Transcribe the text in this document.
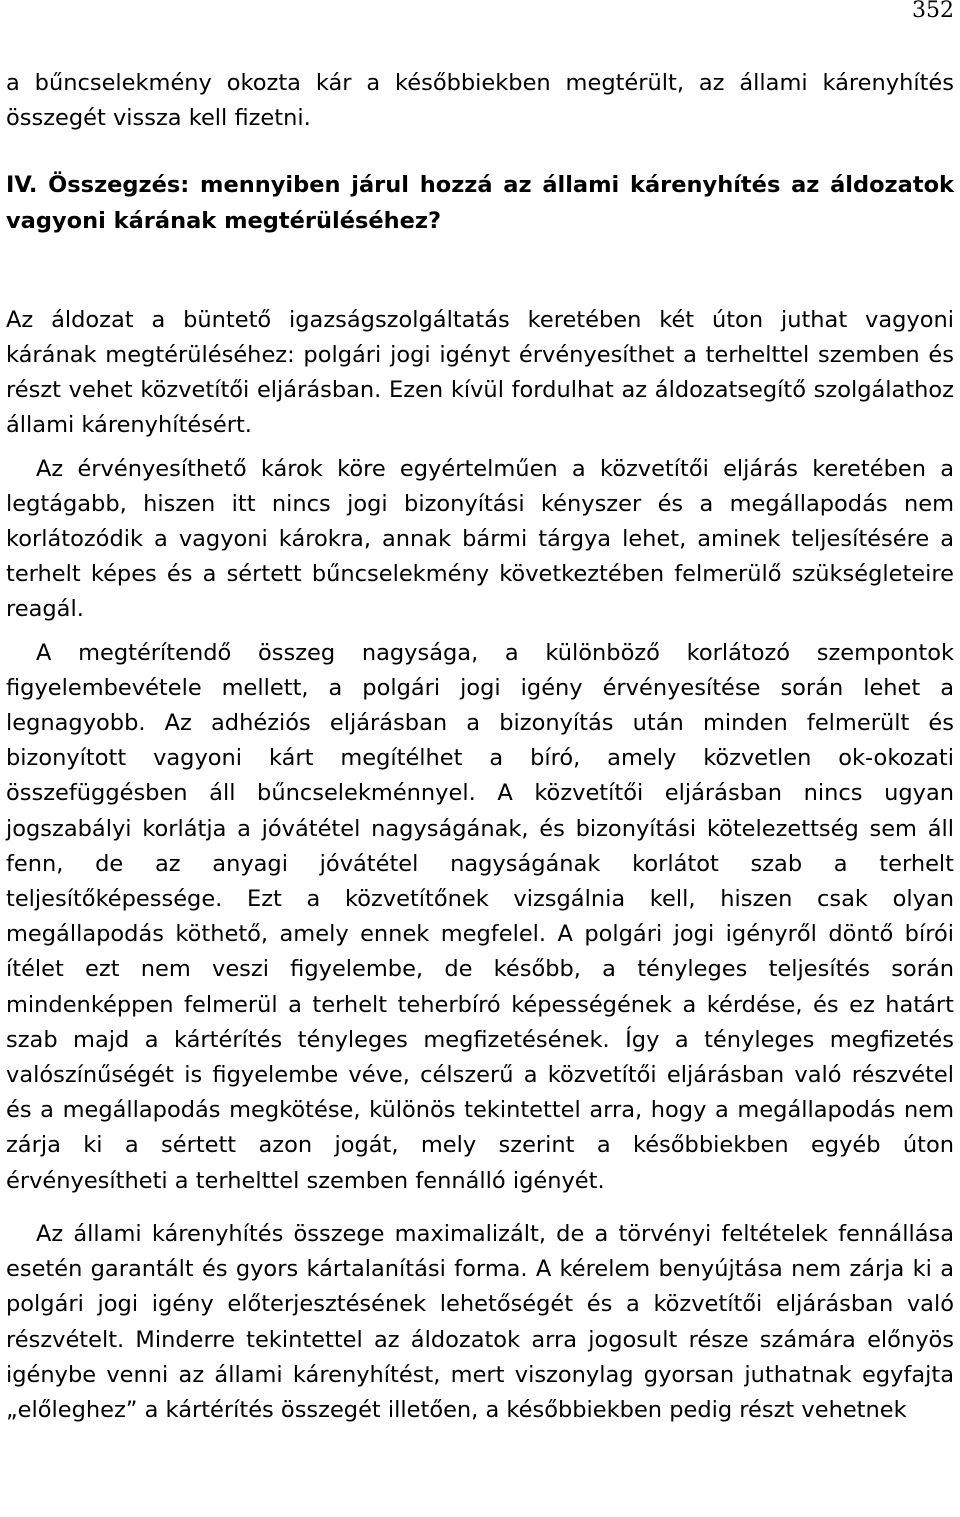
352

a bűncselekmény okozta kár a későbbiekben megtérült, az állami kárenyhítés összegét vissza kell fizetni.

IV. Összegzés: mennyiben járul hozzá az állami kárenyhítés az áldozatok vagyoni kárának megtérüléséhez?

Az áldozat a büntető igazságszolgáltatás keretében két úton juthat vagyoni kárának megtérüléséhez: polgári jogi igényt érvényesíthet a terhelttel szemben és részt vehet közvetítői eljárásban. Ezen kívül fordulhat az áldozatsegítő szolgálathoz állami kárenyhítésért.

Az érvényesíthető károk köre egyértelműen a közvetítői eljárás keretében a legtágabb, hiszen itt nincs jogi bizonyítási kényszer és a megállapodás nem korlátozódik a vagyoni károkra, annak bármi tárgya lehet, aminek teljesítésére a terhelt képes és a sértett bűncselekmény következtében felmerülő szükségleteire reagál.

A megtérítendő összeg nagysága, a különböző korlátozó szempontok figyelembevétele mellett, a polgári jogi igény érvényesítése során lehet a legnagyobb. Az adhéziós eljárásban a bizonyítás után minden felmerült és bizonyított vagyoni kárt megítélhet a bíró, amely közvetlen ok-okozati összefüggésben áll bűncselekménnyel. A közvetítői eljárásban nincs ugyan jogszabályi korlátja a jóvátétel nagyságának, és bizonyítási kötelezettség sem áll fenn, de az anyagi jóvátétel nagyságának korlátot szab a terhelt teljesítőképessége. Ezt a közvetítőnek vizsgálnia kell, hiszen csak olyan megállapodás köthető, amely ennek megfelel. A polgári jogi igényről döntő bírói ítélet ezt nem veszi figyelembe, de később, a tényleges teljesítés során mindenképpen felmerül a terhelt teherbíró képességének a kérdése, és ez határt szab majd a kártérítés tényleges megfizetésének. Így a tényleges megfizetés valószínűségét is figyelembe véve, célszerű a közvetítői eljárásban való részvétel és a megállapodás megkötése, különös tekintettel arra, hogy a megállapodás nem zárja ki a sértett azon jogát, mely szerint a későbbiekben egyéb úton érvényesítheti a terhelttel szemben fennálló igényét.

Az állami kárenyhítés összege maximalizált, de a törvényi feltételek fennállása esetén garantált és gyors kártalanítási forma. A kérelem benyújtása nem zárja ki a polgári jogi igény előterjesztésének lehetőségét és a közvetítői eljárásban való részvételt. Minderre tekintettel az áldozatok arra jogosult része számára előnyös igénybe venni az állami kárenyhítést, mert viszonylag gyorsan juthatnak egyfajta „előleghez” a kártérítés összegét illetően, a későbbiekben pedig részt vehetnek
